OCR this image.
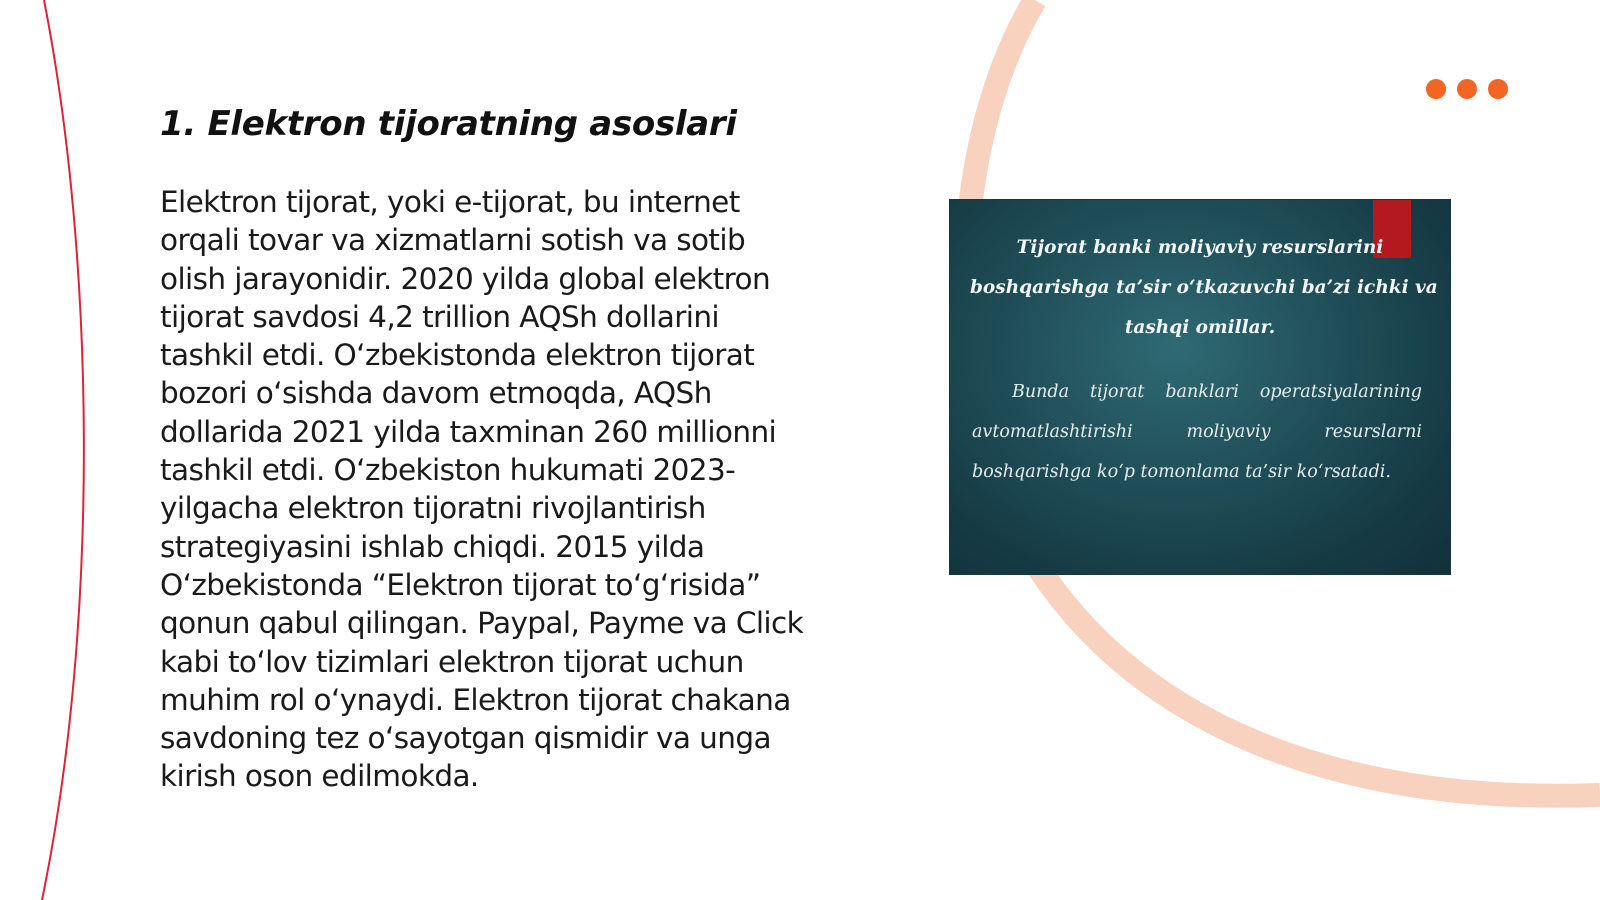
1. Elektron tijoratning asoslari

Elektron tijorat, yoki e-tijorat, bu internet
orqali tovar va xizmatlarni sotish va sotib
olish jarayonidir. 2020 yilda global elektron
tijorat savdosi 4,2 trillion AQSh dollarini
tashkil etdi. O‘zbekistonda elektron tijorat
bozori o‘sishda davom etmoqda, AQSh
dollarida 2021 yilda taxminan 260 millionni
tashkil etdi. O‘zbekiston hukumati 2023-
yilgacha elektron tijoratni rivojlantirish
strategiyasini ishlab chiqdi. 2015 yilda
O‘zbekistonda “Elektron tijorat to‘g‘risida”
qonun qabul qilingan. Paypal, Payme va Click
kabi to‘lov tizimlari elektron tijorat uchun
muhim rol o‘ynaydi. Elektron tijorat chakana
savdoning tez o‘sayotgan qismidir va unga
kirish oson edilmokda.

Tijorat banki moliyaviy resurslarini
boshqarishga ta’sir o‘tkazuvchi ba’zi ichki va
tashqi omillar.

Bunda tijorat banklari operatsiyalarining
avtomatlashtirishi	moliyaviy	resurslarni
boshqarishga ko‘p tomonlama ta’sir ko‘rsatadi.
